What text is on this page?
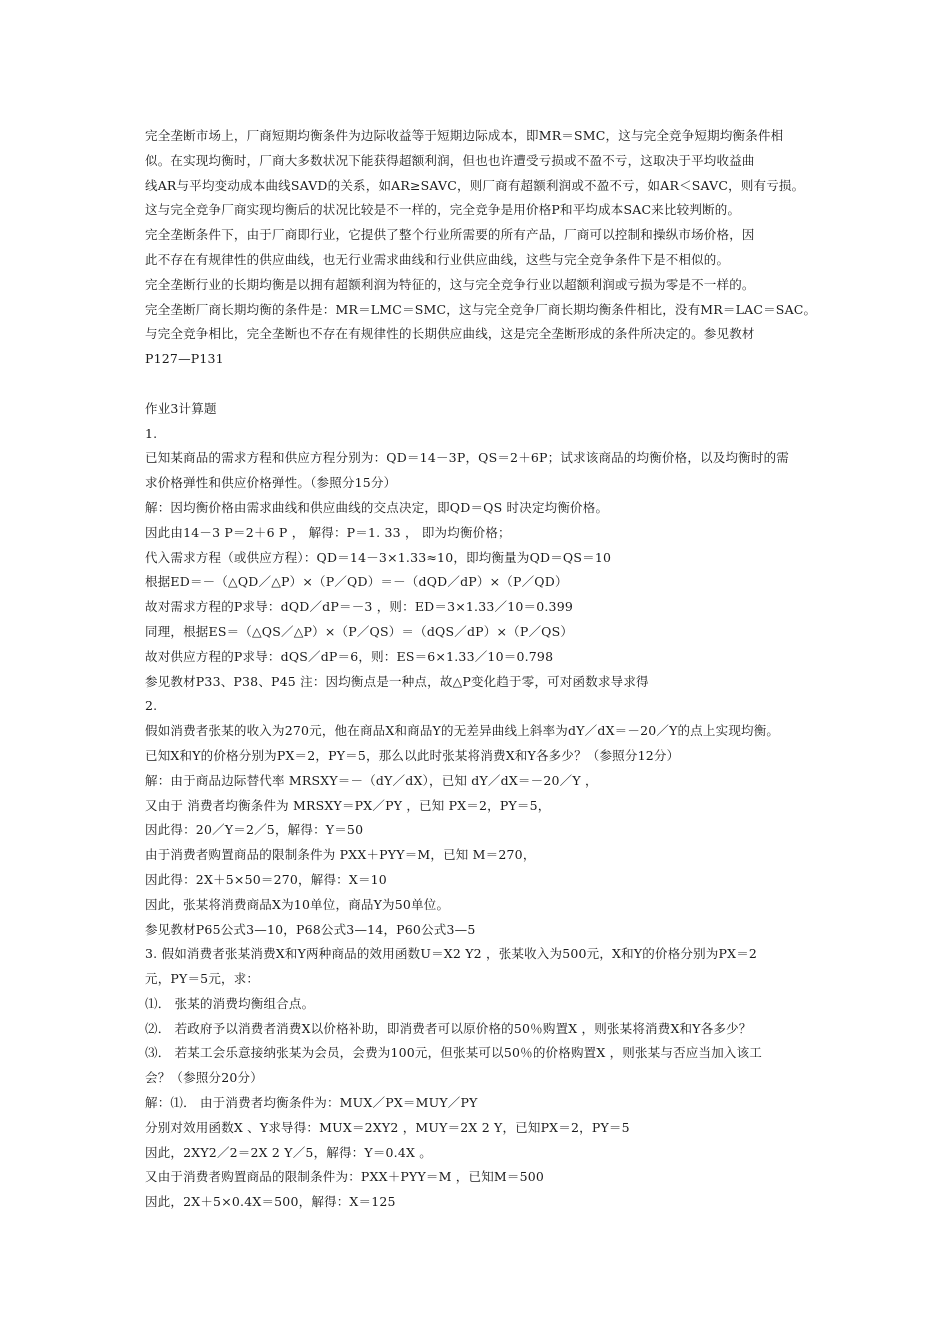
完全垄断市场上，厂商短期均衡条件为边际收益等于短期边际成本，即MR＝SMC，这与完全竞争短期均衡条件相
似。在实现均衡时，厂商大多数状况下能获得超额利润，但也也许遭受亏损或不盈不亏，这取决于平均收益曲
线AR与平均变动成本曲线SAVD的关系，如AR≥SAVC，则厂商有超额利润或不盈不亏，如AR＜SAVC，则有亏损。
这与完全竞争厂商实现均衡后的状况比较是不一样的，完全竞争是用价格P和平均成本SAC来比较判断的。
完全垄断条件下，由于厂商即行业，它提供了整个行业所需要的所有产品，厂商可以控制和操纵市场价格，因
此不存在有规律性的供应曲线，也无行业需求曲线和行业供应曲线，这些与完全竞争条件下是不相似的。
完全垄断行业的长期均衡是以拥有超额利润为特征的，这与完全竞争行业以超额利润或亏损为零是不一样的。
完全垄断厂商长期均衡的条件是：MR＝LMC＝SMC，这与完全竞争厂商长期均衡条件相比，没有MR＝LAC＝SAC。
与完全竞争相比，完全垄断也不存在有规律性的长期供应曲线，这是完全垄断形成的条件所决定的。参见教材
P127—P131
作业3计算题
1.
已知某商品的需求方程和供应方程分别为：QD＝14－3P，QS＝2＋6P；试求该商品的均衡价格，以及均衡时的需
求价格弹性和供应价格弹性。（参照分15分）
解：因均衡价格由需求曲线和供应曲线的交点决定，即QD＝QS 时决定均衡价格。
因此由14－3 P＝2＋6 P ， 解得：P＝1. 33 ， 即为均衡价格；
代入需求方程（或供应方程）：QD＝14－3×1.33≈10，即均衡量为QD＝QS＝10
根据ED＝－（△QD／△P）×（P／QD）＝－（dQD／dP）×（P／QD）
故对需求方程的P求导：dQD／dP＝－3 ，则：ED＝3×1.33／10＝0.399
同理，根据ES＝（△QS／△P）×（P／QS）＝（dQS／dP）×（P／QS）
故对供应方程的P求导：dQS／dP＝6，则：ES＝6×1.33／10＝0.798
参见教材P33、P38、P45 注：因均衡点是一种点，故△P变化趋于零，可对函数求导求得
2.
假如消费者张某的收入为270元，他在商品X和商品Y的无差异曲线上斜率为dY／dX＝－20／Y的点上实现均衡。
已知X和Y的价格分别为PX＝2，PY＝5，那么以此时张某将消费X和Y各多少？（参照分12分）
解：由于商品边际替代率 MRSXY＝－（dY／dX），已知 dY／dX＝－20／Y ，
又由于 消费者均衡条件为 MRSXY＝PX／PY ，已知 PX＝2，PY＝5，
因此得：20／Y＝2／5，解得：Y＝50
由于消费者购置商品的限制条件为 PXX＋PYY＝M，已知 M＝270，
因此得：2X＋5×50＝270，解得：X＝10
因此，张某将消费商品X为10单位，商品Y为50单位。
参见教材P65公式3—10，P68公式3—14，P60公式3—5
3. 假如消费者张某消费X和Y两种商品的效用函数U＝X2 Y2 ，张某收入为500元，X和Y的价格分别为PX＝2
元，PY＝5元，求：
⑴． 张某的消费均衡组合点。
⑵． 若政府予以消费者消费X以价格补助，即消费者可以原价格的50％购置X ，则张某将消费X和Y各多少？
⑶． 若某工会乐意接纳张某为会员，会费为100元，但张某可以50％的价格购置X ，则张某与否应当加入该工
会？（参照分20分）
解：⑴． 由于消费者均衡条件为：MUX／PX＝MUY／PY
分别对效用函数X 、Y求导得：MUX＝2XY2 ，MUY＝2X 2 Y，已知PX＝2，PY＝5
因此，2XY2／2＝2X 2 Y／5，解得：Y＝0.4X 。
又由于消费者购置商品的限制条件为：PXX＋PYY＝M ，已知M＝500
因此，2X＋5×0.4X＝500，解得：X＝125
